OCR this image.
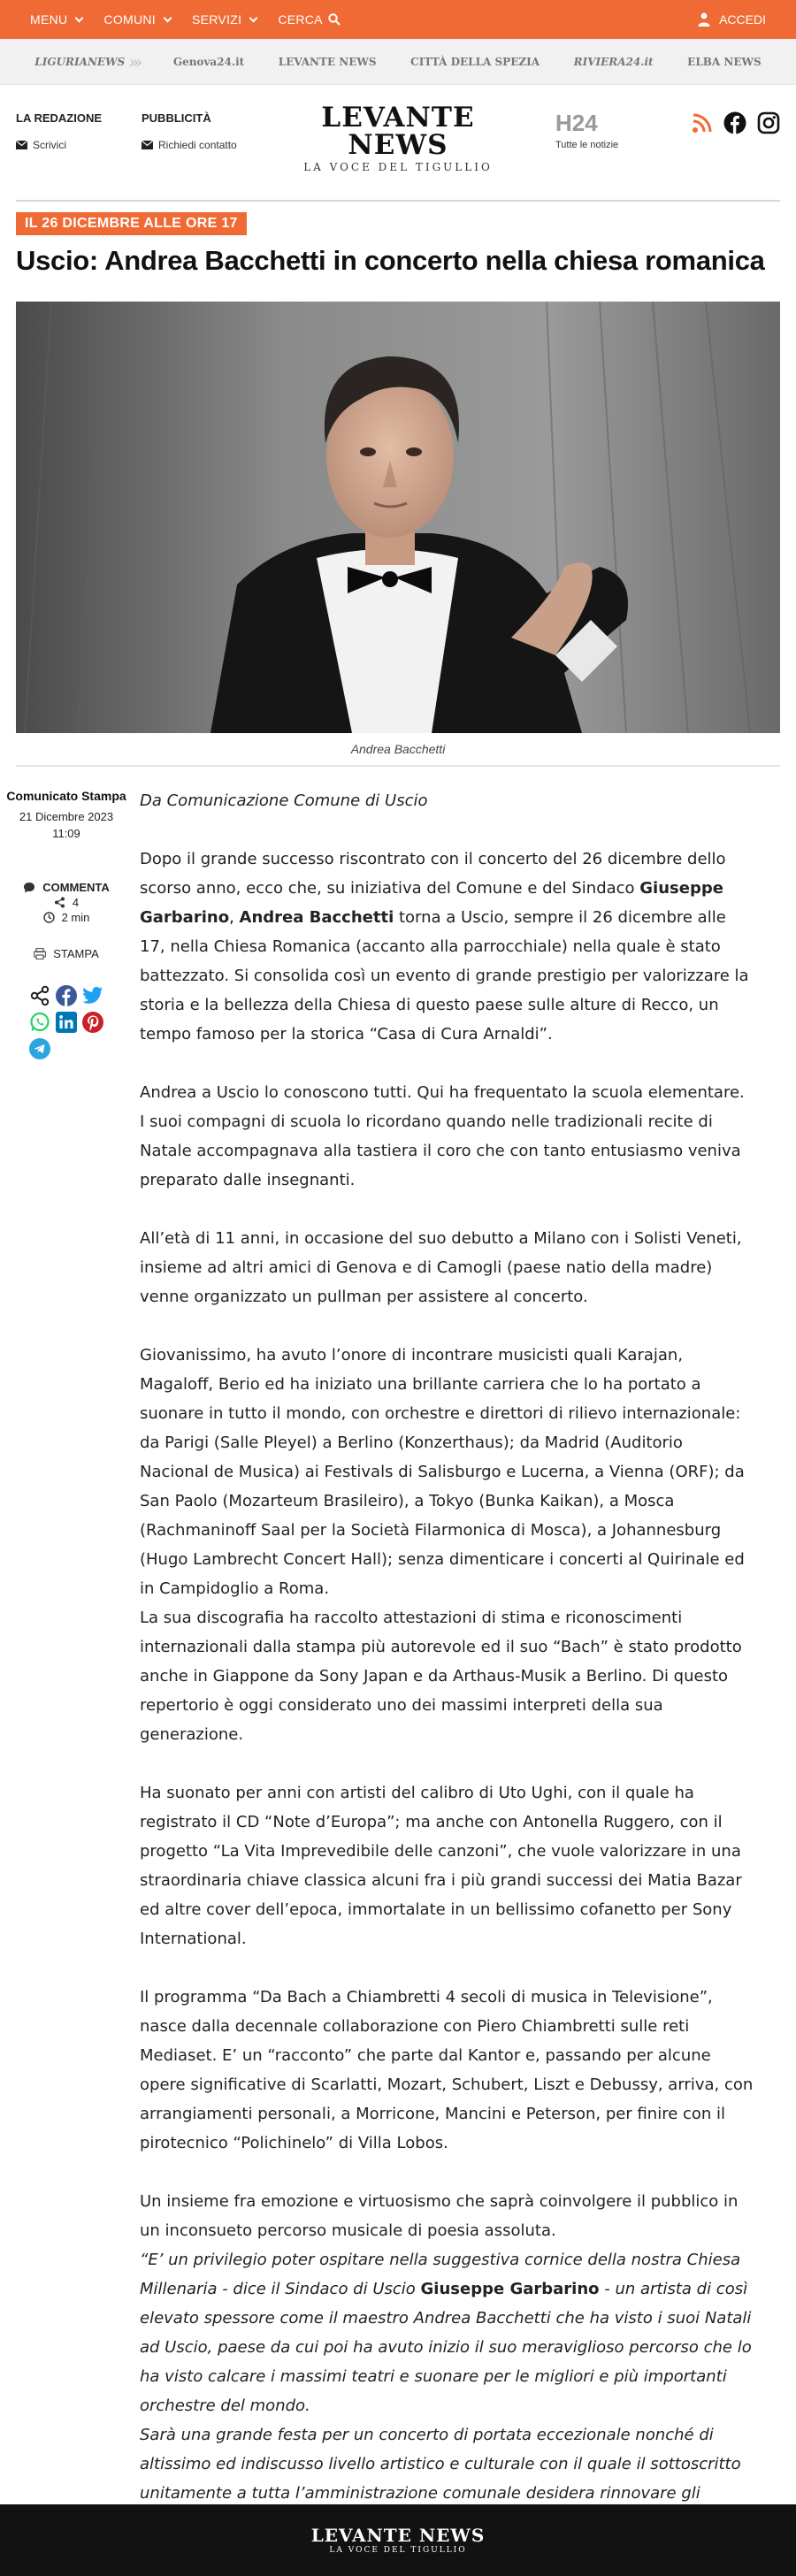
MENU	COMUNI	SERVIZI	CERCA	ACCEDI
LIGURIANEWS ›››	Genova24.it	LEVANTE NEWS	CITTÀ DELLA SPEZIA	RIVIERA24.it	ELBA NEWS
LA REDAZIONE
Scrivici
PUBBLICITÀ
Richiedi contatto
LEVANTE NEWS
LA VOCE DEL TIGULLIO
H24
Tutte le notizie
IL 26 DICEMBRE ALLE ORE 17
Uscio: Andrea Bacchetti in concerto nella chiesa romanica
Andrea Bacchetti
Comunicato Stampa
21 Dicembre 2023
11:09
COMMENTA
4
2 min
STAMPA

Da Comunicazione Comune di Uscio

Dopo il grande successo riscontrato con il concerto del 26 dicembre dello scorso anno, ecco che, su iniziativa del Comune e del Sindaco Giuseppe Garbarino, Andrea Bacchetti torna a Uscio, sempre il 26 dicembre alle 17, nella Chiesa Romanica (accanto alla parrocchiale) nella quale è stato battezzato. Si consolida così un evento di grande prestigio per valorizzare la storia e la bellezza della Chiesa di questo paese sulle alture di Recco, un tempo famoso per la storica “Casa di Cura Arnaldi”.

Andrea a Uscio lo conoscono tutti. Qui ha frequentato la scuola elementare. I suoi compagni di scuola lo ricordano quando nelle tradizionali recite di Natale accompagnava alla tastiera il coro che con tanto entusiasmo veniva preparato dalle insegnanti.

All’età di 11 anni, in occasione del suo debutto a Milano con i Solisti Veneti, insieme ad altri amici di Genova e di Camogli (paese natio della madre) venne organizzato un pullman per assistere al concerto.

Giovanissimo, ha avuto l’onore di incontrare musicisti quali Karajan, Magaloff, Berio ed ha iniziato una brillante carriera che lo ha portato a suonare in tutto il mondo, con orchestre e direttori di rilievo internazionale: da Parigi (Salle Pleyel) a Berlino (Konzerthaus); da Madrid (Auditorio Nacional de Musica) ai Festivals di Salisburgo e Lucerna, a Vienna (ORF); da San Paolo (Mozarteum Brasileiro), a Tokyo (Bunka Kaikan), a Mosca (Rachmaninoff Saal per la Società Filarmonica di Mosca), a Johannesburg (Hugo Lambrecht Concert Hall); senza dimenticare i concerti al Quirinale ed in Campidoglio a Roma.

La sua discografia ha raccolto attestazioni di stima e riconoscimenti internazionali dalla stampa più autorevole ed il suo “Bach” è stato prodotto anche in Giappone da Sony Japan e da Arthaus-Musik a Berlino. Di questo repertorio è oggi considerato uno dei massimi interpreti della sua generazione.

Ha suonato per anni con artisti del calibro di Uto Ughi, con il quale ha registrato il CD “Note d’Europa”; ma anche con Antonella Ruggero, con il progetto “La Vita Imprevedibile delle canzoni”, che vuole valorizzare in una straordinaria chiave classica alcuni fra i più grandi successi dei Matia Bazar ed altre cover dell’epoca, immortalate in un bellissimo cofanetto per Sony International.

Il programma “Da Bach a Chiambretti 4 secoli di musica in Televisione”, nasce dalla decennale collaborazione con Piero Chiambretti sulle reti Mediaset. E’ un “racconto” che parte dal Kantor e, passando per alcune opere significative di Scarlatti, Mozart, Schubert, Liszt e Debussy, arriva, con arrangiamenti personali, a Morricone, Mancini e Peterson, per finire con il pirotecnico “Polichinelo” di Villa Lobos.

Un insieme fra emozione e virtuosismo che saprà coinvolgere il pubblico in un inconsueto percorso musicale di poesia assoluta.

“E’ un privilegio poter ospitare nella suggestiva cornice della nostra Chiesa Millenaria - dice il Sindaco di Uscio Giuseppe Garbarino - un artista di così elevato spessore come il maestro Andrea Bacchetti che ha visto i suoi Natali ad Uscio, paese da cui poi ha avuto inizio il suo meraviglioso percorso che lo ha visto calcare i massimi teatri e suonare per le migliori e più importanti orchestre del mondo.

Sarà una grande festa per un concerto di portata eccezionale nonché di altissimo ed indiscusso livello artistico e culturale con il quale il sottoscritto unitamente a tutta l’amministrazione comunale desidera rinnovare gli

LEVANTE NEWS
LA VOCE DEL TIGULLIO
